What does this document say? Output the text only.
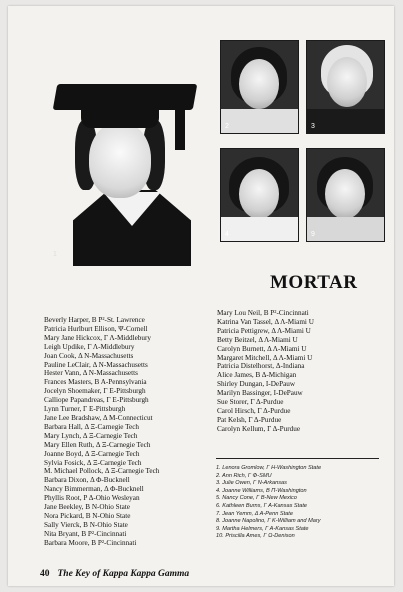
1
2	3
4	9
MORTAR
Beverly Harper, Β Ρ²-St. Lawrence
Patricia Hurlburt Ellison, Ψ-Cornell
Mary Jane Hickcox, Γ Λ-Middlebury
Leigh Updike, Γ Λ-Middlebury
Joan Cook, Δ Ν-Massachusetts
Pauline LeClair, Δ Ν-Massachusetts
Hester Vann, Δ Ν-Massachusetts
Frances Masters, Β Α-Pennsylvania
Jocelyn Shoemaker, Γ Ε-Pittsburgh
Calliope Papandreas, Γ Ε-Pittsburgh
Lynn Turner, Γ Ε-Pittsburgh
Jane Lee Bradshaw, Δ Μ-Connecticut
Barbara Hall, Δ Ξ-Carnegie Tech
Mary Lynch, Δ Ξ-Carnegie Tech
Mary Ellen Ruth, Δ Ξ-Carnegie Tech
Joanne Boyd, Δ Ξ-Carnegie Tech
Sylvia Fosick, Δ Ξ-Carnegie Tech
M. Michael Pollock, Δ Ξ-Carnegie Tech
Barbara Dixon, Δ Φ-Bucknell
Nancy Bimmerman, Δ Φ-Bucknell
Phyllis Root, Ρ Δ-Ohio Wesleyan
Jane Beekley, Β Ν-Ohio State
Nora Pickard, Β Ν-Ohio State
Sally Vierck, Β Ν-Ohio State
Nita Bryant, Β Ρ²-Cincinnati
Barbara Moore, Β Ρ²-Cincinnati
Mary Lou Neil, Β Ρ²-Cincinnati
Katrina Van Tassel, Δ Λ-Miami U
Patricia Pettigrew, Δ Λ-Miami U
Betty Beitzel, Δ Λ-Miami U
Carolyn Burnett, Δ Λ-Miami U
Margaret Mitchell, Δ Λ-Miami U
Patricia Distelhorst, Δ-Indiana
Alice James, Β Δ-Michigan
Shirley Dungan, Ι-DePauw
Marilyn Bassinger, Ι-DePauw
Sue Storer, Γ Δ-Purdue
Carol Hirsch, Γ Δ-Purdue
Pat Kelsh, Γ Δ-Purdue
Carolyn Kellum, Γ Δ-Purdue
1. Lenora Gromlow, Γ Η-Washington State
2. Ann Rich, Γ Φ-SMU
3. Julie Owen, Γ Ν-Arkansas
4. Joanne Williams, Β Π-Washington
5. Nancy Cone, Γ Β-New Mexico
6. Kathleen Burns, Γ Α-Kansas State
7. Jean Yemm, Δ Α-Penn State
8. Joanne Napolino, Γ Κ-William and Mary
9. Martha Helmers, Γ Α-Kansas State
10. Priscilla Ames, Γ Ω-Denison
40 The Key of Kappa Kappa Gamma
